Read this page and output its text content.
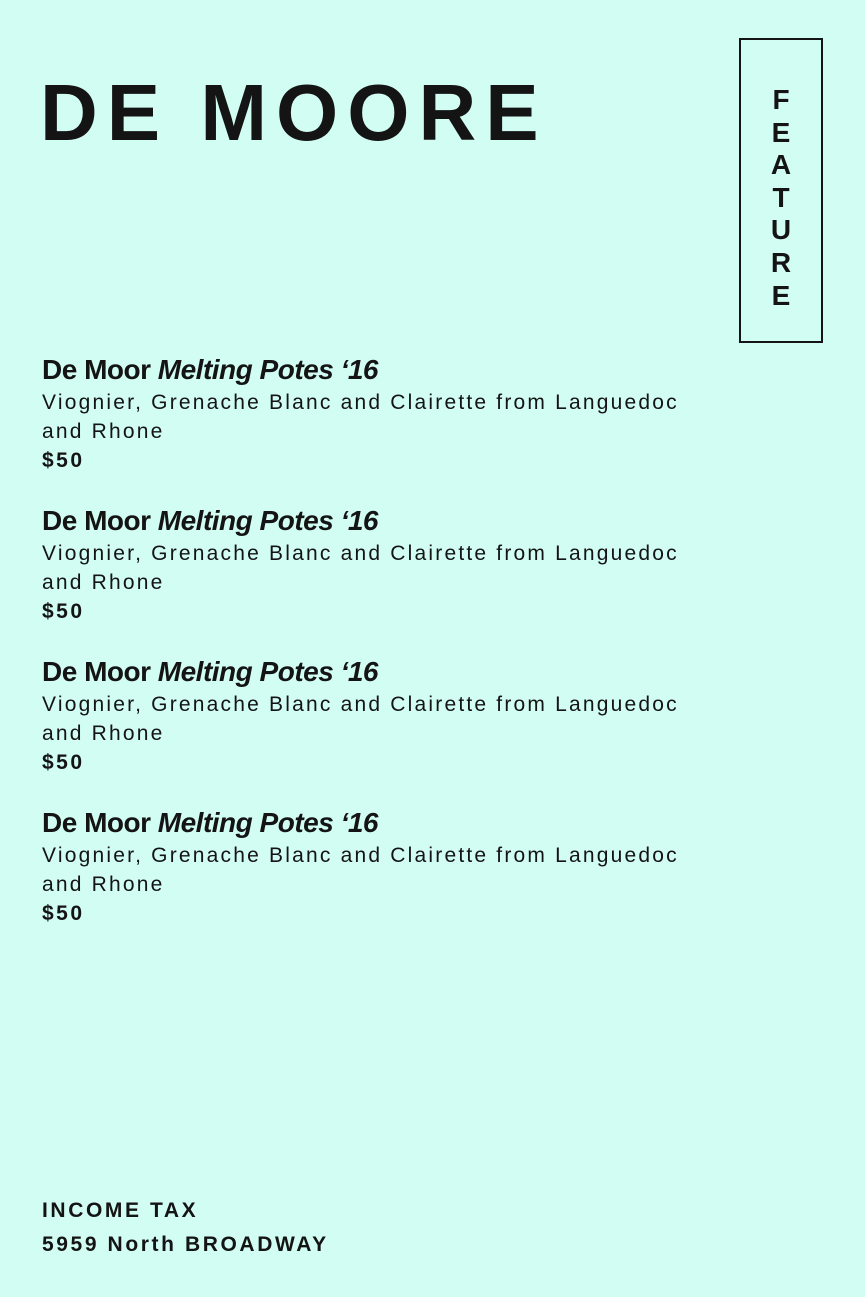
DE MOORE	F
E
A
T
U
R
E
De Moor Melting Potes ‘16
Viognier, Grenache Blanc and Clairette from Languedoc and Rhone
$50
De Moor Melting Potes ‘16
Viognier, Grenache Blanc and Clairette from Languedoc and Rhone
$50
De Moor Melting Potes ‘16
Viognier, Grenache Blanc and Clairette from Languedoc and Rhone
$50
De Moor Melting Potes ‘16
Viognier, Grenache Blanc and Clairette from Languedoc and Rhone
$50
INCOME TAX
5959 North BROADWAY
